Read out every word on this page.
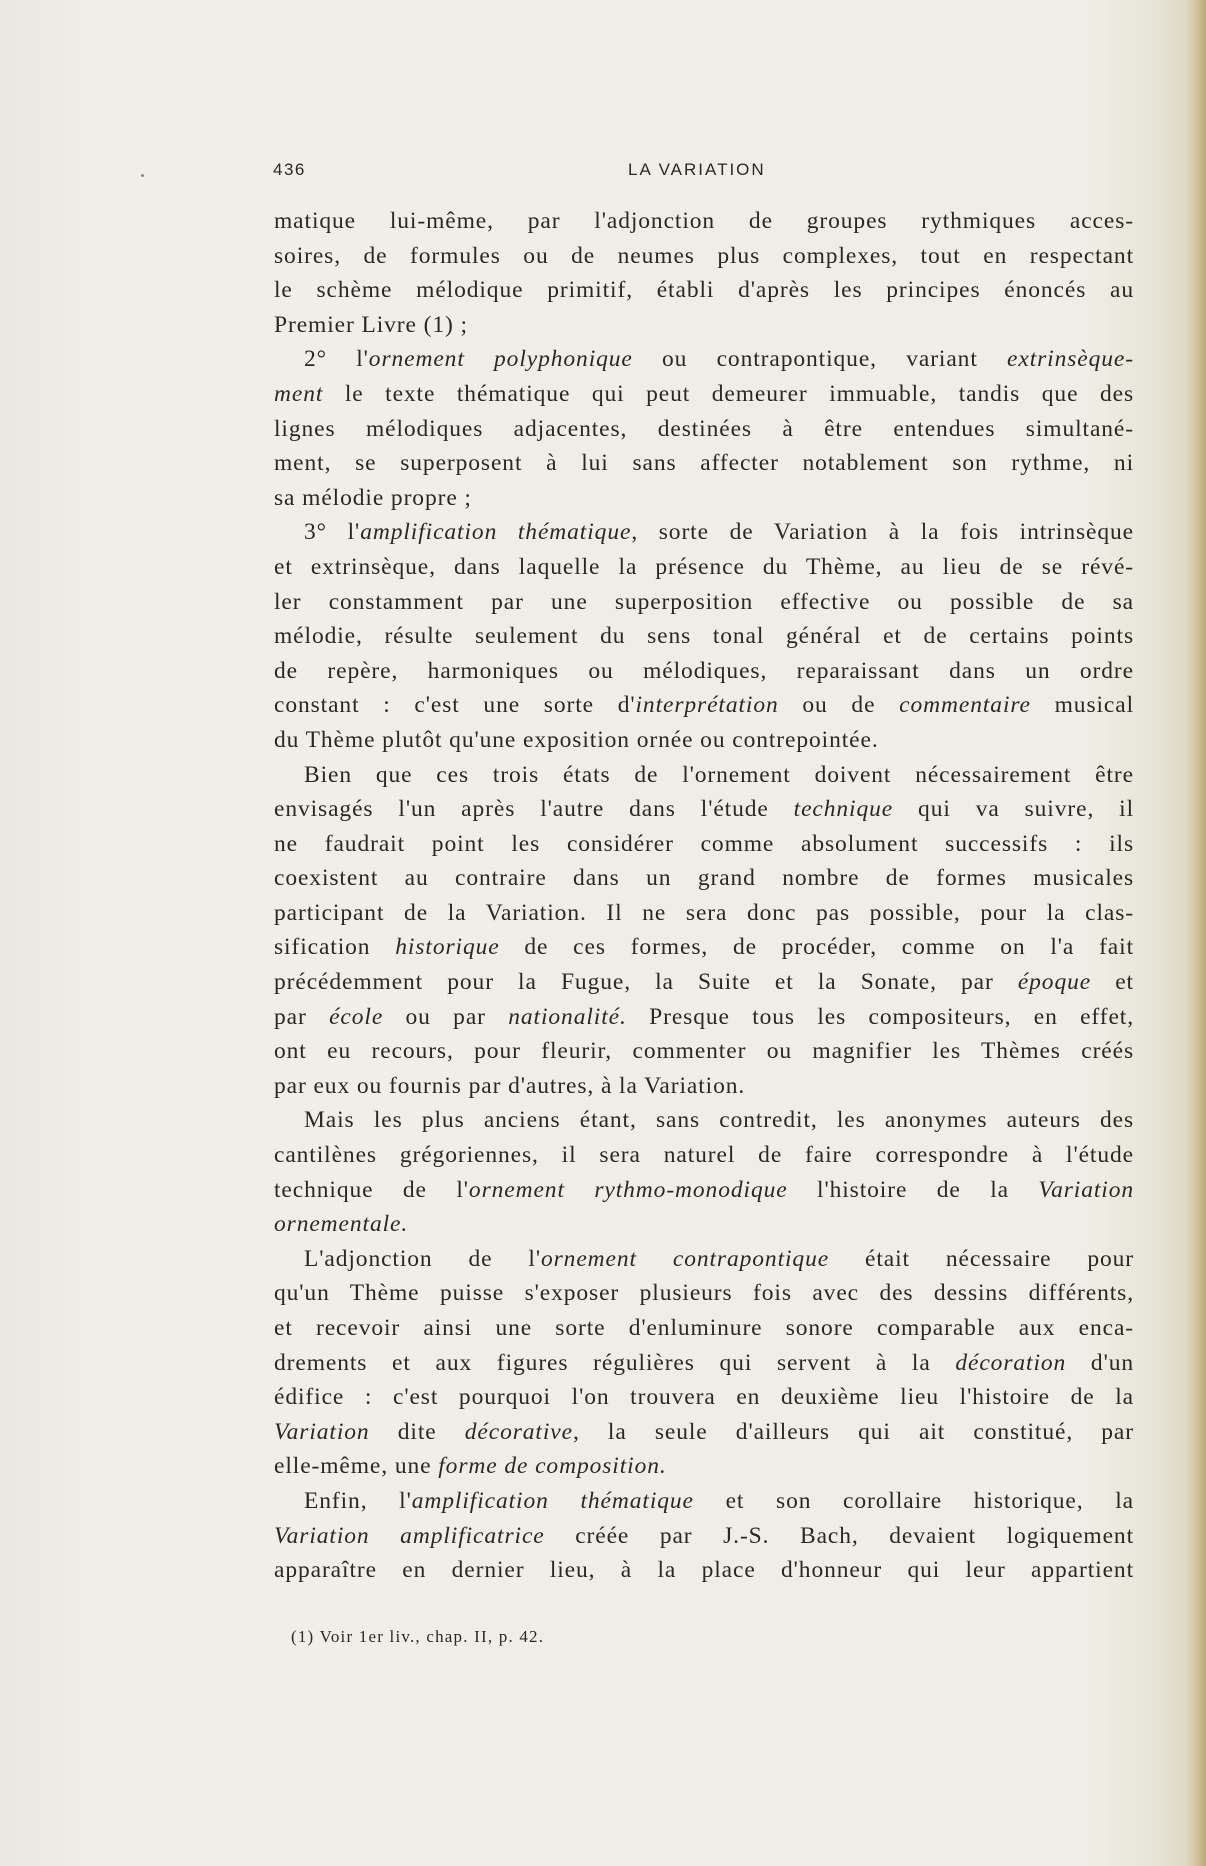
436	LA VARIATION
matique lui-même, par l'adjonction de groupes rythmiques acces-
soires, de formules ou de neumes plus complexes, tout en respectant
le schème mélodique primitif, établi d'après les principes énoncés au
Premier Livre (1) ;
2° l'ornement polyphonique ou contrapontique, variant extrinsèque-
ment le texte thématique qui peut demeurer immuable, tandis que des
lignes mélodiques adjacentes, destinées à être entendues simultané-
ment, se superposent à lui sans affecter notablement son rythme, ni
sa mélodie propre ;
3° l'amplification thématique, sorte de Variation à la fois intrinsèque
et extrinsèque, dans laquelle la présence du Thème, au lieu de se révé-
ler constamment par une superposition effective ou possible de sa
mélodie, résulte seulement du sens tonal général et de certains points
de repère, harmoniques ou mélodiques, reparaissant dans un ordre
constant : c'est une sorte d'interprétation ou de commentaire musical
du Thème plutôt qu'une exposition ornée ou contrepointée.
Bien que ces trois états de l'ornement doivent nécessairement être
envisagés l'un après l'autre dans l'étude technique qui va suivre, il
ne faudrait point les considérer comme absolument successifs : ils
coexistent au contraire dans un grand nombre de formes musicales
participant de la Variation. Il ne sera donc pas possible, pour la clas-
sification historique de ces formes, de procéder, comme on l'a fait
précédemment pour la Fugue, la Suite et la Sonate, par époque et
par école ou par nationalité. Presque tous les compositeurs, en effet,
ont eu recours, pour fleurir, commenter ou magnifier les Thèmes créés
par eux ou fournis par d'autres, à la Variation.
Mais les plus anciens étant, sans contredit, les anonymes auteurs des
cantilènes grégoriennes, il sera naturel de faire correspondre à l'étude
technique de l'ornement rythmo-monodique l'histoire de la Variation
ornementale.
L'adjonction de l'ornement contrapontique était nécessaire pour
qu'un Thème puisse s'exposer plusieurs fois avec des dessins différents,
et recevoir ainsi une sorte d'enluminure sonore comparable aux enca-
drements et aux figures régulières qui servent à la décoration d'un
édifice : c'est pourquoi l'on trouvera en deuxième lieu l'histoire de la
Variation dite décorative, la seule d'ailleurs qui ait constitué, par
elle-même, une forme de composition.
Enfin, l'amplification thématique et son corollaire historique, la
Variation amplificatrice créée par J.-S. Bach, devaient logiquement
apparaître en dernier lieu, à la place d'honneur qui leur appartient
(1) Voir 1er liv., chap. II, p. 42.
